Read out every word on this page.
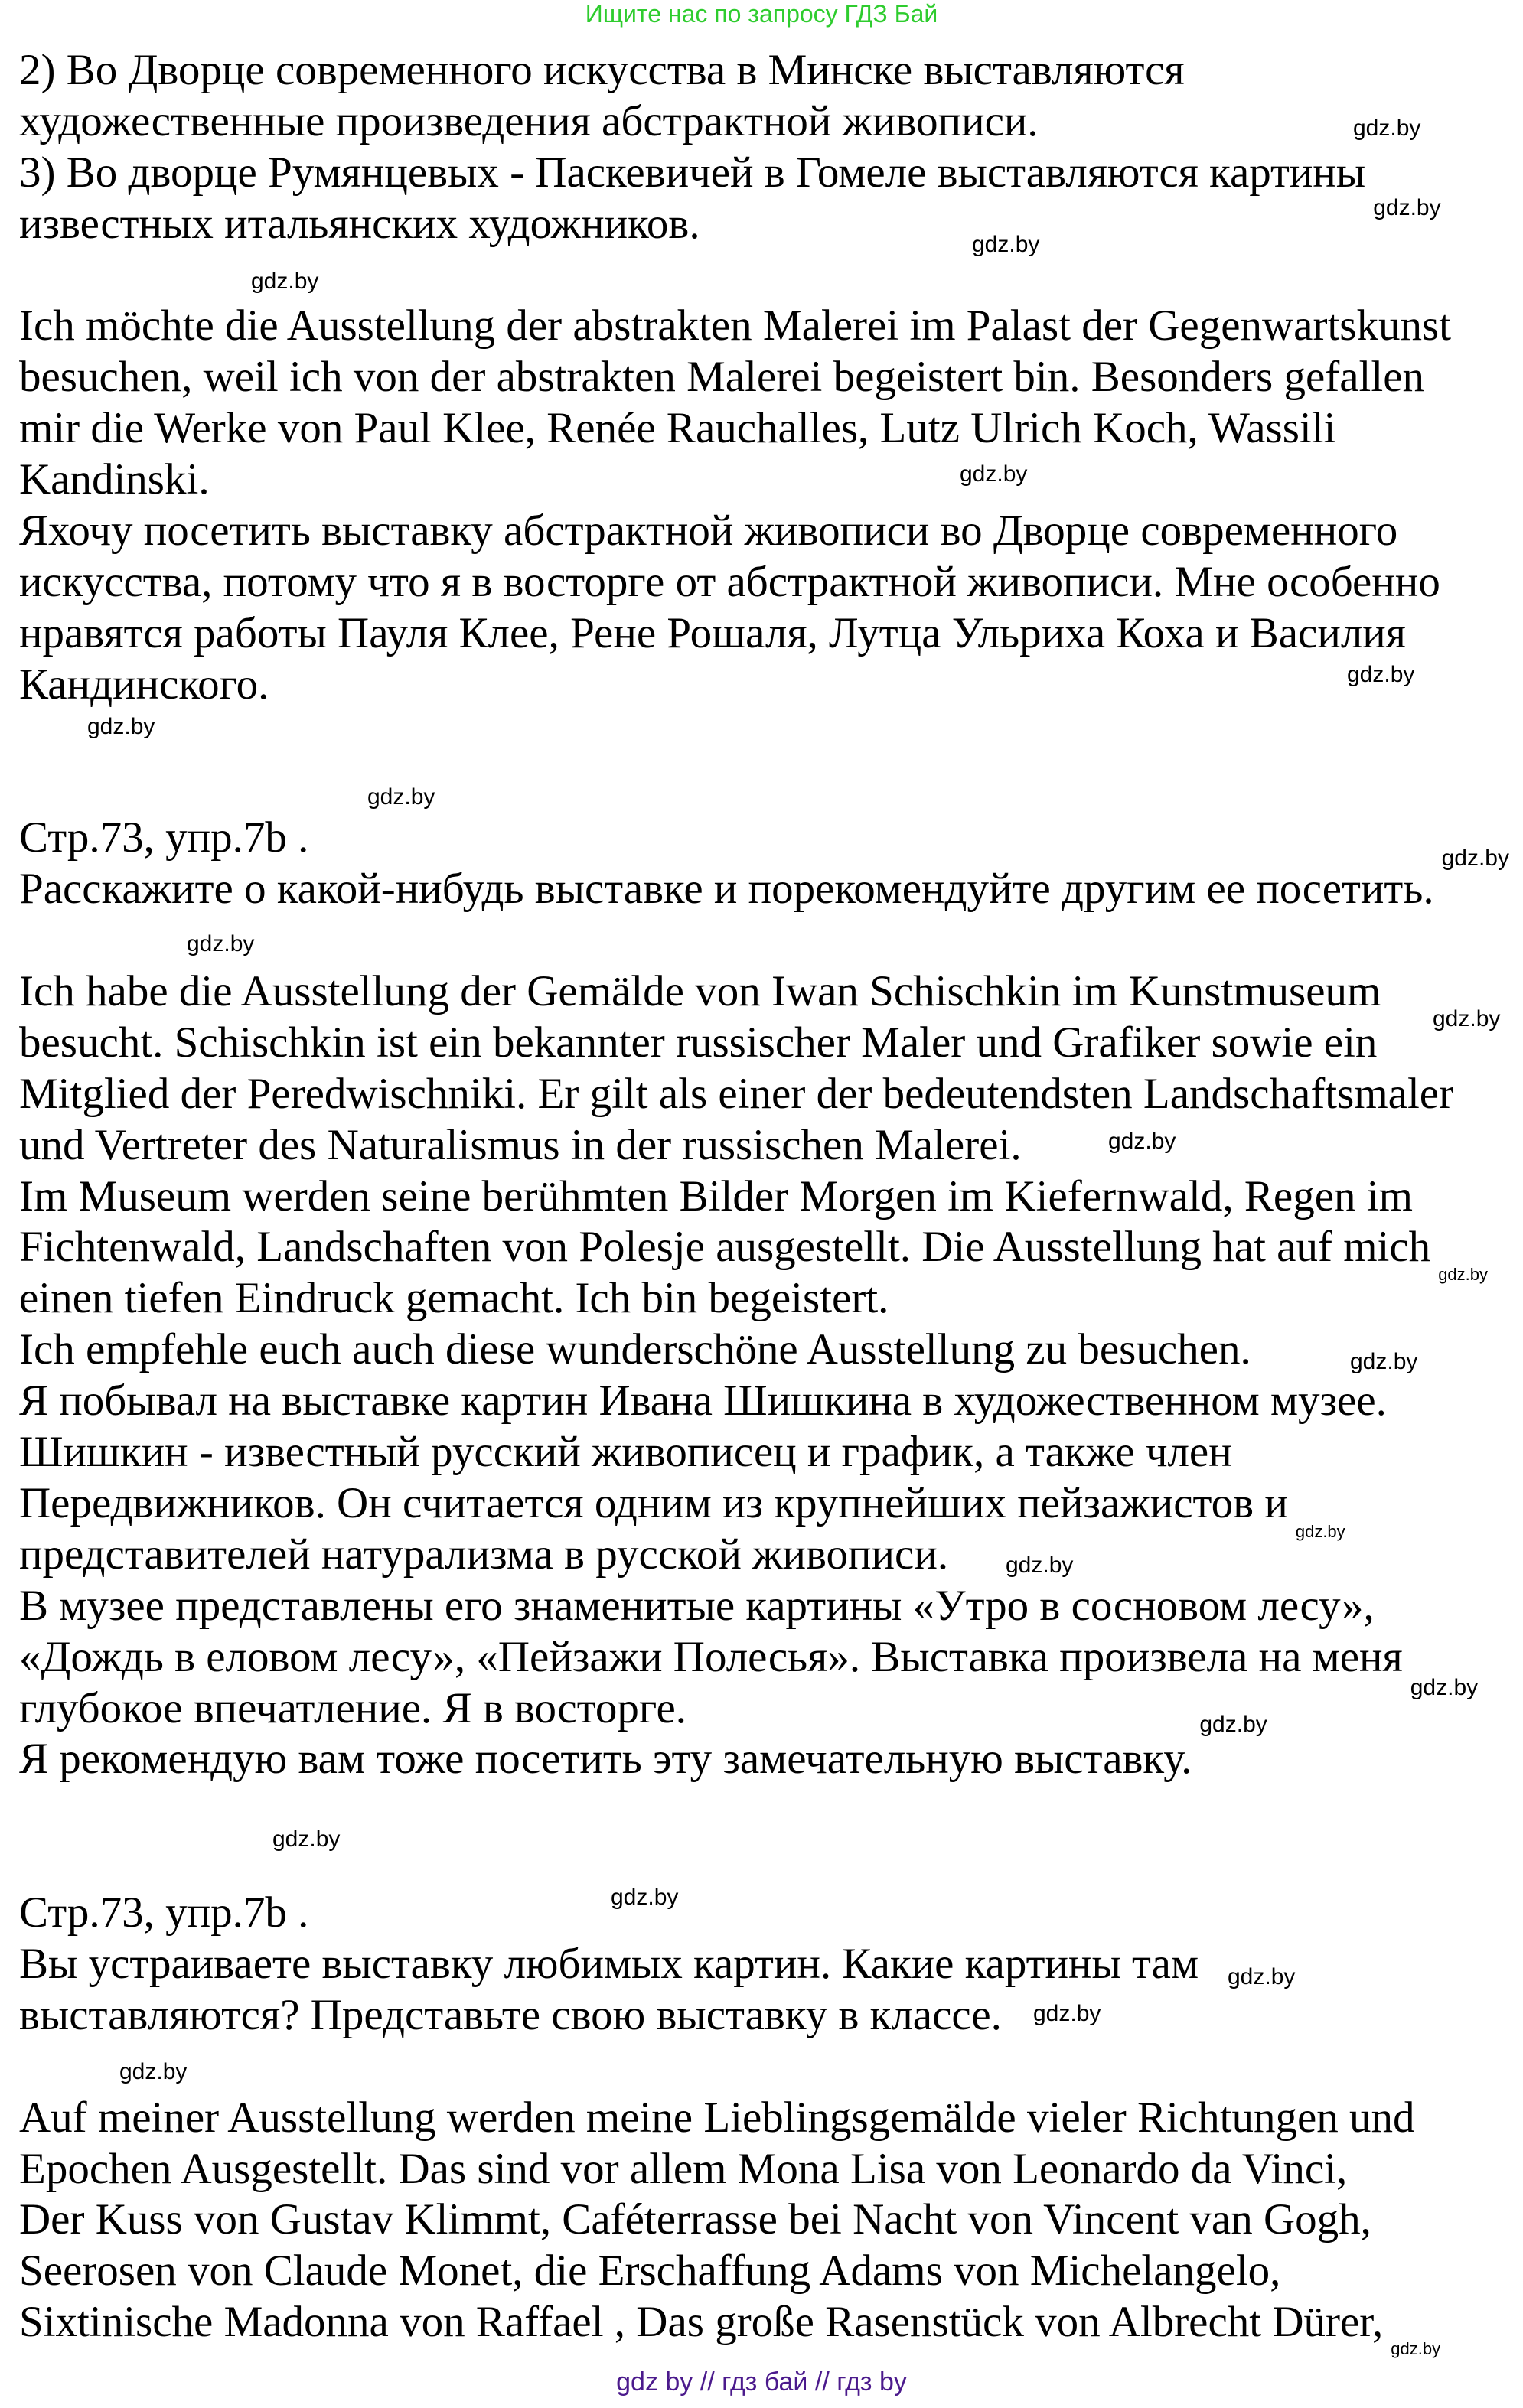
Ищите нас по запросу ГДЗ Бай
2) Во Дворце современного искусства в Минске выставляются
художественные произведения абстрактной живописи.
3) Во дворце Румянцевых - Паскевичей в Гомеле выставляются картины
известных итальянских художников.
Ich möchte die Ausstellung der abstrakten Malerei im Palast der Gegenwartskunst
besuchen, weil ich von der abstrakten Malerei begeistert bin. Besonders gefallen
mir die Werke von Paul Klee, Renée Rauchalles, Lutz Ulrich Koch, Wassili
Kandinski.
Яхочу посетить выставку абстрактной живописи во Дворце современного
искусства, потому что я в восторге от абстрактной живописи. Мне особенно
нравятся работы Пауля Клее, Рене Рошаля, Лутца Ульриха Коха и Василия
Кандинского.
Стр.73, упр.7b .
Расскажите о какой-нибудь выставке и порекомендуйте другим ее посетить.
Ich habe die Ausstellung der Gemälde von Iwan Schischkin im Kunstmuseum
besucht. Schischkin ist ein bekannter russischer Maler und Grafiker sowie ein
Mitglied der Peredwischniki. Er gilt als einer der bedeutendsten Landschaftsmaler
und Vertreter des Naturalismus in der russischen Malerei.
Im Museum werden seine berühmten Bilder Morgen im Kiefernwald, Regen im
Fichtenwald, Landschaften von Polesje ausgestellt. Die Ausstellung hat auf mich
einen tiefen Eindruck gemacht. Ich bin begeistert.
Ich empfehle euch auch diese wunderschöne Ausstellung zu besuchen.
Я побывал на выставке картин Ивана Шишкина в художественном музее.
Шишкин - известный русский живописец и график, а также член
Передвижников. Он считается одним из крупнейших пейзажистов и
представителей натурализма в русской живописи.
В музее представлены его знаменитые картины «Утро в сосновом лесу»,
«Дождь в еловом лесу», «Пейзажи Полесья». Выставка произвела на меня
глубокое впечатление. Я в восторге.
Я рекомендую вам тоже посетить эту замечательную выставку.
Стр.73, упр.7b .
Вы устраиваете выставку любимых картин. Какие картины там
выставляются? Представьте свою выставку в классе.
Auf meiner Ausstellung werden meine Lieblingsgemälde vieler Richtungen und
Epochen Ausgestellt. Das sind vor allem Mona Lisa von Leonardo da Vinci,
Der Kuss von Gustav Klimmt, Caféterrasse bei Nacht von Vincent van Gogh,
Seerosen von Claude Monet, die Erschaffung Adams von Michelangelo,
Sixtinische Madonna von Raffael , Das große Rasenstück von Albrecht Dürer,
gdz.by
gdz.by
gdz.by
gdz.by
gdz.by
gdz.by
gdz.by
gdz.by
gdz.by
gdz.by
gdz.by
gdz.by
gdz.by
gdz.by
gdz.by
gdz.by
gdz.by
gdz.by
gdz.by
gdz.by
gdz.by
gdz.by
gdz.by
gdz.by
gdz by // гдз бай // гдз by
